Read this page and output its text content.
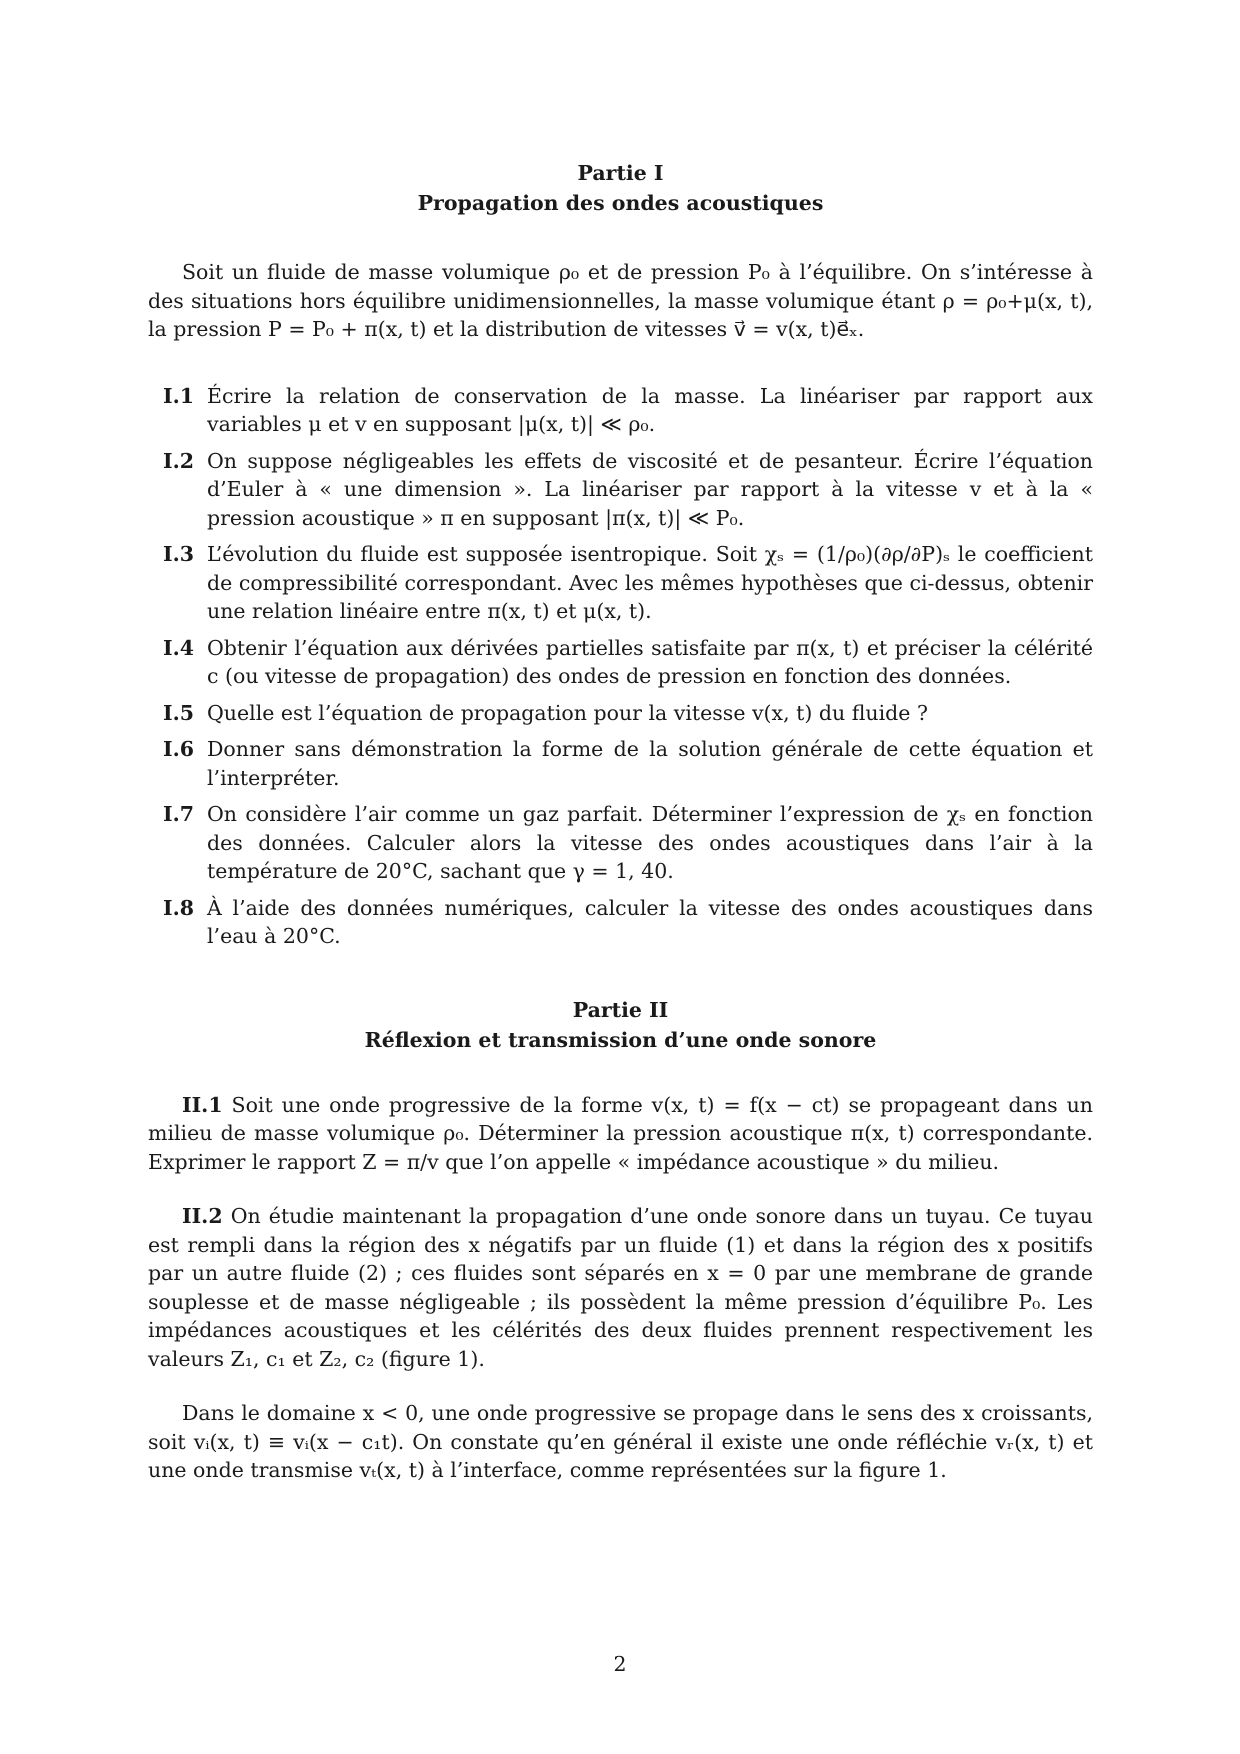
Partie I
Propagation des ondes acoustiques

Soit un fluide de masse volumique ρ₀ et de pression P₀ à l’équilibre. On s’intéresse à des situations hors équilibre unidimensionnelles, la masse volumique étant ρ = ρ₀+μ(x, t), la pression P = P₀ + π(x, t) et la distribution de vitesses v⃗ = v(x, t)e⃗ₓ.

I.1 Écrire la relation de conservation de la masse. La linéariser par rapport aux variables μ et v en supposant |μ(x, t)| ≪ ρ₀.
I.2 On suppose négligeables les effets de viscosité et de pesanteur. Écrire l’équation d’Euler à « une dimension ». La linéariser par rapport à la vitesse v et à la « pression acoustique » π en supposant |π(x, t)| ≪ P₀.
I.3 L’évolution du fluide est supposée isentropique. Soit χₛ = (1/ρ₀)(∂ρ/∂P)ₛ le coefficient de compressibilité correspondant. Avec les mêmes hypothèses que ci-dessus, obtenir une relation linéaire entre π(x, t) et μ(x, t).
I.4 Obtenir l’équation aux dérivées partielles satisfaite par π(x, t) et préciser la célérité c (ou vitesse de propagation) des ondes de pression en fonction des données.
I.5 Quelle est l’équation de propagation pour la vitesse v(x, t) du fluide ?
I.6 Donner sans démonstration la forme de la solution générale de cette équation et l’interpréter.
I.7 On considère l’air comme un gaz parfait. Déterminer l’expression de χₛ en fonction des données. Calculer alors la vitesse des ondes acoustiques dans l’air à la température de 20°C, sachant que γ = 1, 40.
I.8 À l’aide des données numériques, calculer la vitesse des ondes acoustiques dans l’eau à 20°C.
Partie II
Réflexion et transmission d’une onde sonore

II.1 Soit une onde progressive de la forme v(x, t) = f(x − ct) se propageant dans un milieu de masse volumique ρ₀. Déterminer la pression acoustique π(x, t) correspondante. Exprimer le rapport Z = π/v que l’on appelle « impédance acoustique » du milieu.

II.2 On étudie maintenant la propagation d’une onde sonore dans un tuyau. Ce tuyau est rempli dans la région des x négatifs par un fluide (1) et dans la région des x positifs par un autre fluide (2) ; ces fluides sont séparés en x = 0 par une membrane de grande souplesse et de masse négligeable ; ils possèdent la même pression d’équilibre P₀. Les impédances acoustiques et les célérités des deux fluides prennent respectivement les valeurs Z₁, c₁ et Z₂, c₂ (figure 1).

Dans le domaine x < 0, une onde progressive se propage dans le sens des x croissants, soit vᵢ(x, t) ≡ vᵢ(x − c₁t). On constate qu’en général il existe une onde réfléchie vᵣ(x, t) et une onde transmise vₜ(x, t) à l’interface, comme représentées sur la figure 1.

2
